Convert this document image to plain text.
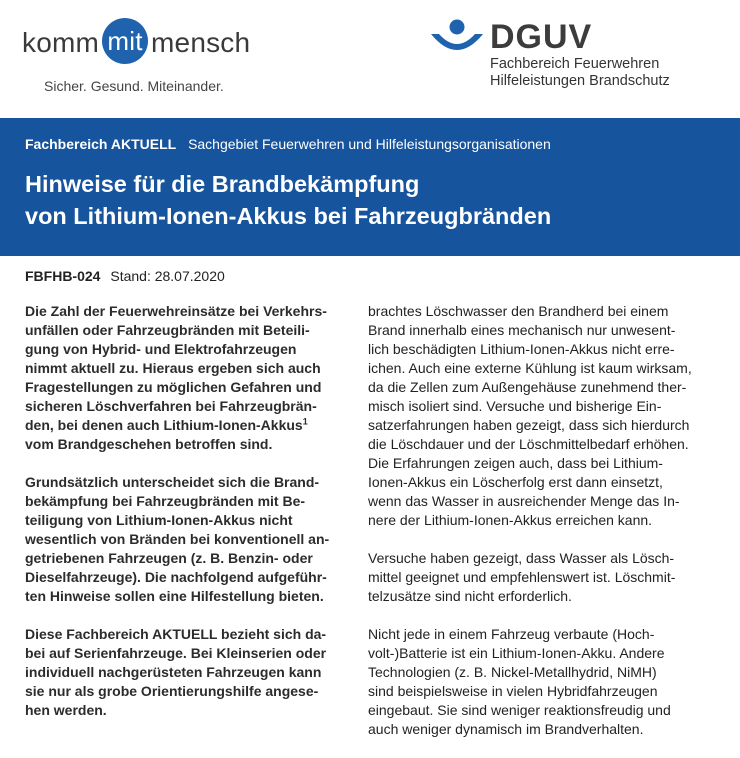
komm mit mensch
Sicher. Gesund. Miteinander.
DGUV
Fachbereich Feuerwehren
Hilfeleistungen Brandschutz
Fachbereich AKTUELL Sachgebiet Feuerwehren und Hilfeleistungsorganisationen
Hinweise für die Brandbekämpfung
von Lithium-Ionen-Akkus bei Fahrzeugbränden
FBFHB-024 Stand: 28.07.2020

Die Zahl der Feuerwehreinsätze bei Verkehrs-
unfällen oder Fahrzeugbränden mit Beteili-
gung von Hybrid- und Elektrofahrzeugen
nimmt aktuell zu. Hieraus ergeben sich auch
Fragestellungen zu möglichen Gefahren und
sicheren Löschverfahren bei Fahrzeugbrän-
den, bei denen auch Lithium-Ionen-Akkus$^1$
vom Brandgeschehen betroffen sind.

Grundsätzlich unterscheidet sich die Brand-
bekämpfung bei Fahrzeugbränden mit Be-
teiligung von Lithium-Ionen-Akkus nicht
wesentlich von Bränden bei konventionell an-
getriebenen Fahrzeugen (z. B. Benzin- oder
Dieselfahrzeuge). Die nachfolgend aufgeführ-
ten Hinweise sollen eine Hilfestellung bieten.

Diese Fachbereich AKTUELL bezieht sich da-
bei auf Serienfahrzeuge. Bei Kleinserien oder
individuell nachgerüsteten Fahrzeugen kann
sie nur als grobe Orientierungshilfe angese-
hen werden.

brachtes Löschwasser den Brandherd bei einem
Brand innerhalb eines mechanisch nur unwesent-
lich beschädigten Lithium-Ionen-Akkus nicht erre-
ichen. Auch eine externe Kühlung ist kaum wirksam,
da die Zellen zum Außengehäuse zunehmend ther-
misch isoliert sind. Versuche und bisherige Ein-
satzerfahrungen haben gezeigt, dass sich hierdurch
die Löschdauer und der Löschmittelbedarf erhöhen.
Die Erfahrungen zeigen auch, dass bei Lithium-
Ionen-Akkus ein Löscherfolg erst dann einsetzt,
wenn das Wasser in ausreichender Menge das In-
nere der Lithium-Ionen-Akkus erreichen kann.

Versuche haben gezeigt, dass Wasser als Lösch-
mittel geeignet und empfehlenswert ist. Löschmit-
telzusätze sind nicht erforderlich.

Nicht jede in einem Fahrzeug verbaute (Hoch-
volt-)Batterie ist ein Lithium-Ionen-Akku. Andere
Technologien (z. B. Nickel-Metallhydrid, NiMH)
sind beispielsweise in vielen Hybridfahrzeugen
eingebaut. Sie sind weniger reaktionsfreudig und
auch weniger dynamisch im Brandverhalten.
